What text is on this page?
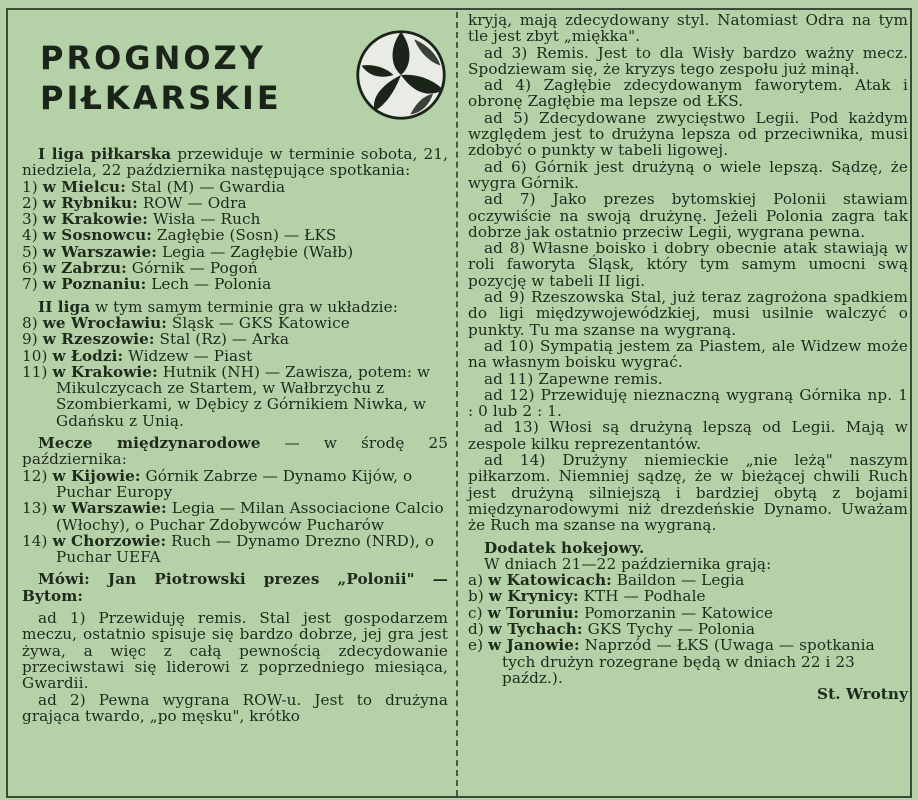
PROGNOZY
PIŁKARSKIE

I liga piłkarska przewiduje w terminie sobota, 21, niedziela, 22 października następujące spotkania:

1) w Mielcu: Stal (M) — Gwardia
2) w Rybniku: ROW — Odra
3) w Krakowie: Wisła — Ruch
4) w Sosnowcu: Zagłębie (Sosn) — ŁKS
5) w Warszawie: Legia — Zagłębie (Wałb)
6) w Zabrzu: Górnik — Pogoń
7) w Poznaniu: Lech — Polonia

II liga w tym samym terminie gra w układzie:

8) we Wrocławiu: Śląsk — GKS Katowice
9) w Rzeszowie: Stal (Rz) — Arka
10) w Łodzi: Widzew — Piast
11) w Krakowie: Hutnik (NH) — Zawisza, potem: w Mikulczycach ze Startem, w Wałbrzychu z Szombierkami, w Dębicy z Górnikiem Niwka, w Gdańsku z Unią.

Mecze międzynarodowe — w środę 25 października:

12) w Kijowie: Górnik Zabrze — Dynamo Kijów, o Puchar Europy
13) w Warszawie: Legia — Milan Associacione Calcio (Włochy), o Puchar Zdobywców Pucharów
14) w Chorzowie: Ruch — Dynamo Drezno (NRD), o Puchar UEFA

Mówi: Jan Piotrowski prezes „Polonii" — Bytom:

ad 1) Przewiduję remis. Stal jest gospodarzem meczu, ostatnio spisuje się bardzo dobrze, jej gra jest żywa, a więc z całą pewnością zdecydowanie przeciwstawi się liderowi z poprzedniego miesiąca, Gwardii.

ad 2) Pewna wygrana ROW-u. Jest to drużyna grająca twardo, „po męsku", krótko

kryją, mają zdecydowany styl. Natomiast Odra na tym tle jest zbyt „miękka".

ad 3) Remis. Jest to dla Wisły bardzo ważny mecz. Spodziewam się, że kryzys tego zespołu już minął.

ad 4) Zagłębie zdecydowanym faworytem. Atak i obronę Zagłębie ma lepsze od ŁKS.

ad 5) Zdecydowane zwycięstwo Legii. Pod każdym względem jest to drużyna lepsza od przeciwnika, musi zdobyć o punkty w tabeli ligowej.

ad 6) Górnik jest drużyną o wiele lepszą. Sądzę, że wygra Górnik.

ad 7) Jako prezes bytomskiej Polonii stawiam oczywiście na swoją drużynę. Jeżeli Polonia zagra tak dobrze jak ostatnio przeciw Legii, wygrana pewna.

ad 8) Własne boisko i dobry obecnie atak stawiają w roli faworyta Śląsk, który tym samym umocni swą pozycję w tabeli II ligi.

ad 9) Rzeszowska Stal, już teraz zagrożona spadkiem do ligi międzywojewódzkiej, musi usilnie walczyć o punkty. Tu ma szanse na wygraną.

ad 10) Sympatią jestem za Piastem, ale Widzew może na własnym boisku wygrać.

ad 11) Zapewne remis.

ad 12) Przewiduję nieznaczną wygraną Górnika np. 1 : 0 lub 2 : 1.

ad 13) Włosi są drużyną lepszą od Legii. Mają w zespole kilku reprezentantów.

ad 14) Drużyny niemieckie „nie leżą" naszym piłkarzom. Niemniej sądzę, że w bieżącej chwili Ruch jest drużyną silniejszą i bardziej obytą z bojami międzynarodowymi niż drezdeńskie Dynamo. Uważam że Ruch ma szanse na wygraną.

Dodatek hokejowy.

W dniach 21—22 października grają:

a) w Katowicach: Baildon — Legia
b) w Krynicy: KTH — Podhale
c) w Toruniu: Pomorzanin — Katowice
d) w Tychach: GKS Tychy — Polonia
e) w Janowie: Naprzód — ŁKS (Uwaga — spotkania tych drużyn rozegrane będą w dniach 22 i 23 paźdz.).

St. Wrotny
